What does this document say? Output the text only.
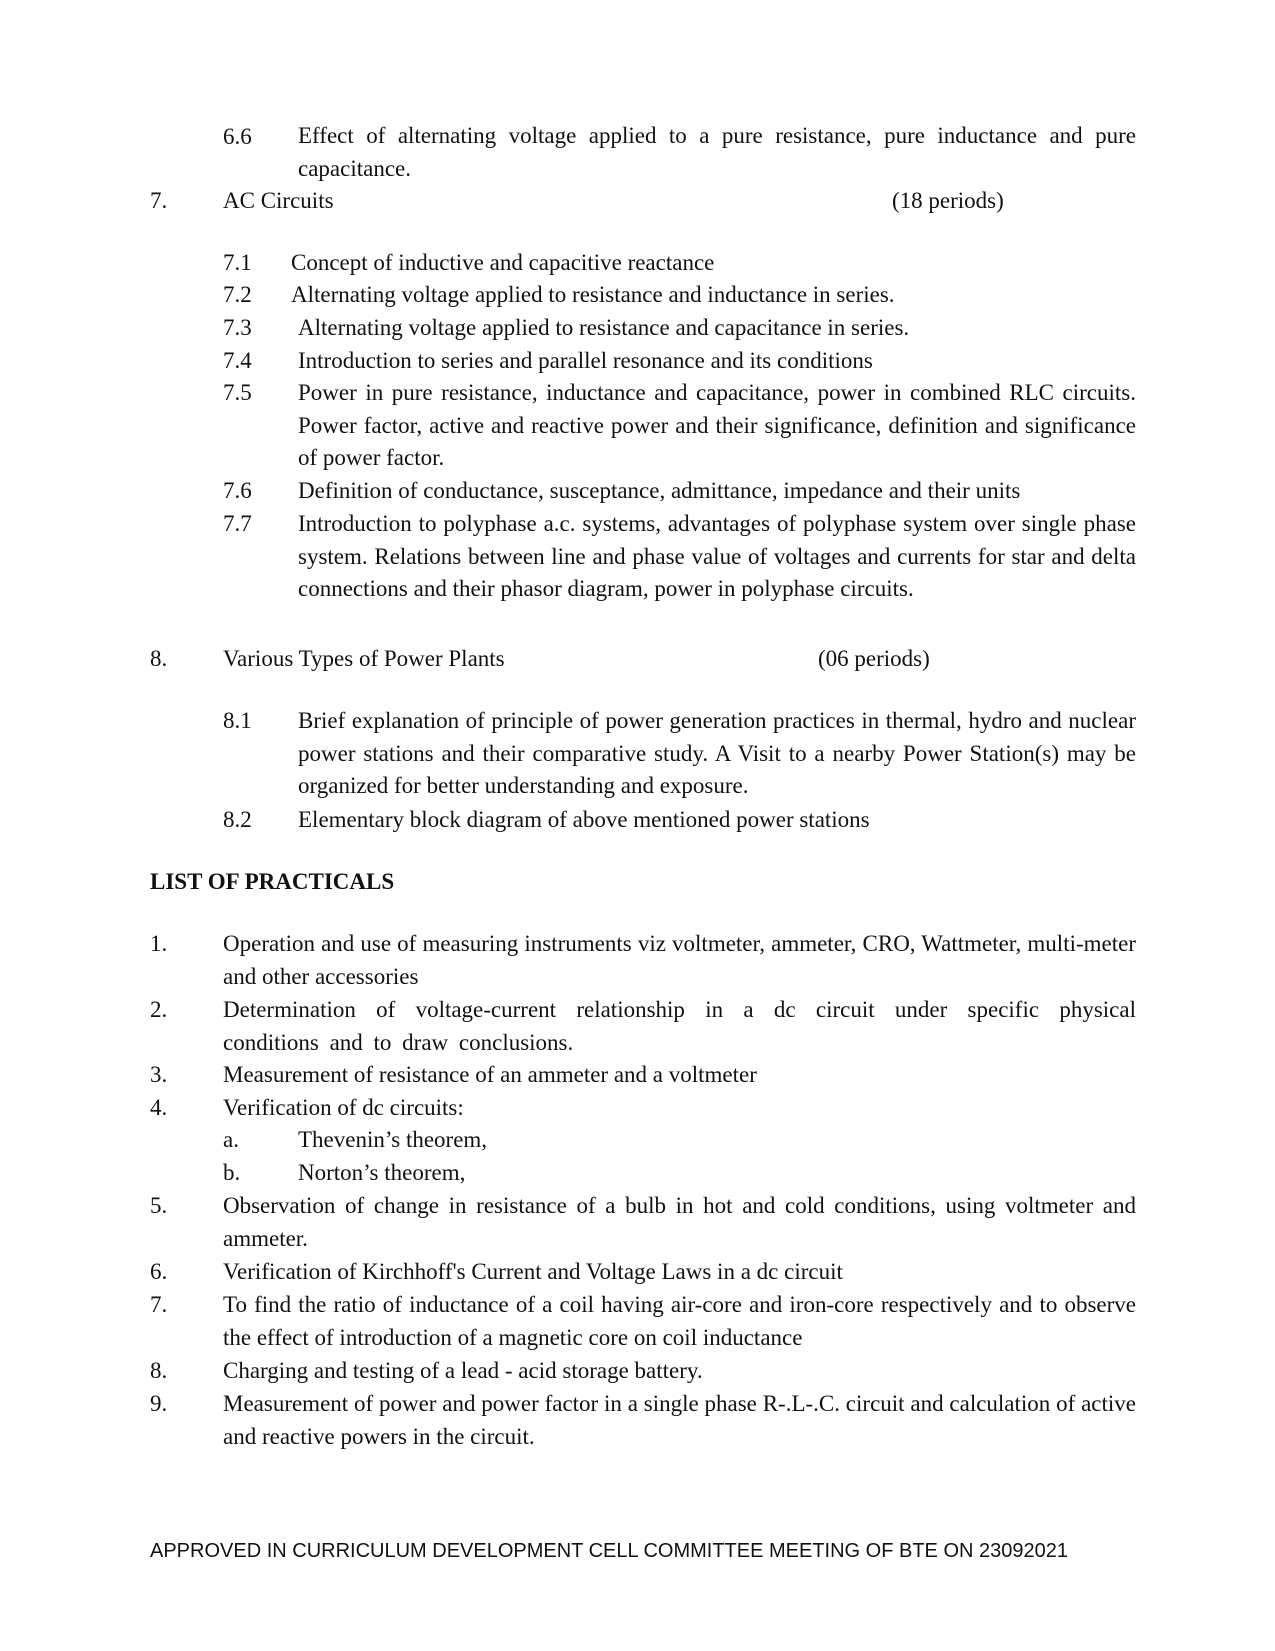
6.6 Effect of alternating voltage applied to a pure resistance, pure inductance and pure capacitance.
7. AC Circuits	(18 periods)
7.1 Concept of inductive and capacitive reactance
7.2 Alternating voltage applied to resistance and inductance in series.
7.3 Alternating voltage applied to resistance and capacitance in series.
7.4 Introduction to series and parallel resonance and its conditions
7.5 Power in pure resistance, inductance and capacitance, power in combined RLC circuits. Power factor, active and reactive power and their significance, definition and significance of power factor.
7.6 Definition of conductance, susceptance, admittance, impedance and their units
7.7 Introduction to polyphase a.c. systems, advantages of polyphase system over single phase system. Relations between line and phase value of voltages and currents for star and delta connections and their phasor diagram, power in polyphase circuits.
8. Various Types of Power Plants	(06 periods)
8.1 Brief explanation of principle of power generation practices in thermal, hydro and nuclear power stations and their comparative study. A Visit to a nearby Power Station(s) may be organized for better understanding and exposure.
8.2 Elementary block diagram of above mentioned power stations
LIST OF PRACTICALS
1. Operation and use of measuring instruments viz voltmeter, ammeter, CRO, Wattmeter, multi-meter and other accessories
2. Determination of voltage-current relationship in a dc circuit under specific physical conditions and to draw conclusions.
3. Measurement of resistance of an ammeter and a voltmeter
4. Verification of dc circuits:
a.	Thevenin’s theorem,
b.	Norton’s theorem,
5. Observation of change in resistance of a bulb in hot and cold conditions, using voltmeter and ammeter.
6. Verification of Kirchhoff's Current and Voltage Laws in a dc circuit
7. To find the ratio of inductance of a coil having air-core and iron-core respectively and to observe the effect of introduction of a magnetic core on coil inductance
8. Charging and testing of a lead - acid storage battery.
9. Measurement of power and power factor in a single phase R-.L-.C. circuit and calculation of active and reactive powers in the circuit.
APPROVED IN CURRICULUM DEVELOPMENT CELL COMMITTEE MEETING OF BTE ON 23092021
